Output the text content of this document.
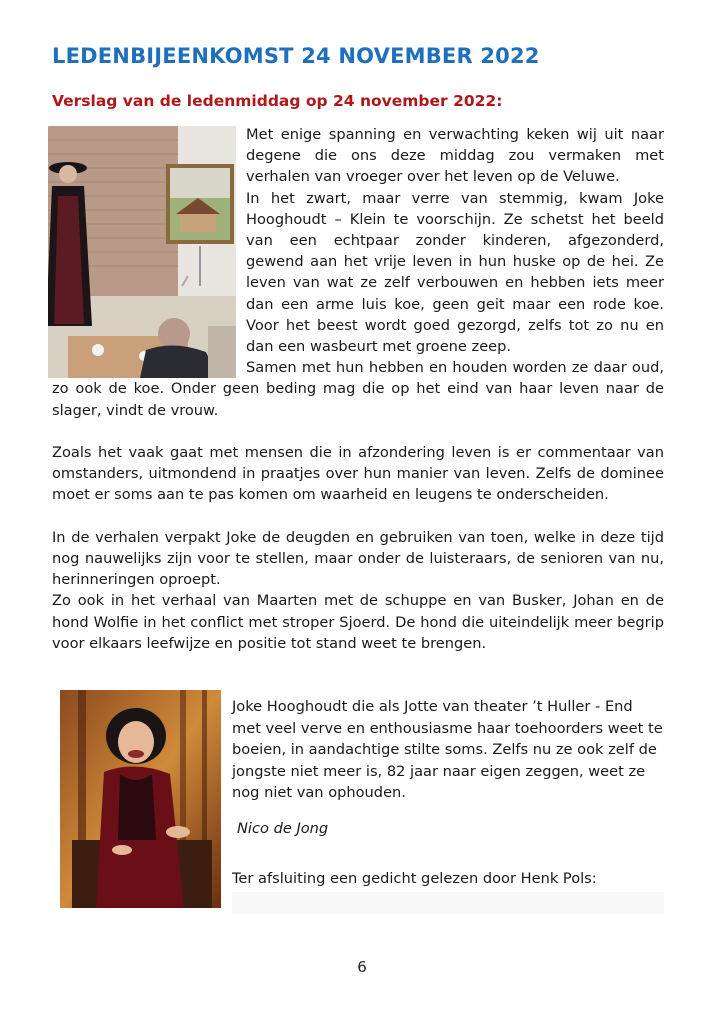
LEDENBIJEENKOMST 24 NOVEMBER 2022
Verslag van de ledenmiddag op 24 november 2022:

Met enige spanning en verwachting keken wij uit naar degene die ons deze middag zou vermaken met verhalen van vroeger over het leven op de Veluwe.

In het zwart, maar verre van stemmig, kwam Joke Hooghoudt – Klein te voorschijn. Ze schetst het beeld van een echtpaar zonder kinderen, afgezonderd, gewend aan het vrije leven in hun huske op de hei. Ze leven van wat ze zelf verbouwen en hebben iets meer dan een arme luis koe, geen geit maar een rode koe. Voor het beest wordt goed gezorgd, zelfs tot zo nu en dan een wasbeurt met groene zeep.

Samen met hun hebben en houden worden ze daar oud, zo ook de koe. Onder geen beding mag die op het eind van haar leven naar de slager, vindt de vrouw.

Zoals het vaak gaat met mensen die in afzondering leven is er commentaar van omstanders, uitmondend in praatjes over hun manier van leven. Zelfs de dominee moet er soms aan te pas komen om waarheid en leugens te onderscheiden.

In de verhalen verpakt Joke de deugden en gebruiken van toen, welke in deze tijd nog nauwelijks zijn voor te stellen, maar onder de luisteraars, de senioren van nu, herinneringen oproept.

Zo ook in het verhaal van Maarten met de schuppe en van Busker, Johan en de hond Wolfie in het conflict met stroper Sjoerd. De hond die uiteindelijk meer begrip voor elkaars leefwijze en positie tot stand weet te brengen.

Joke Hooghoudt die als Jotte van theater ’t Huller - End met veel verve en enthousiasme haar toehoorders weet te boeien, in aandachtige stilte soms. Zelfs nu ze ook zelf de jongste niet meer is, 82 jaar naar eigen zeggen, weet ze nog niet van ophouden.

Nico de Jong

Ter afsluiting een gedicht gelezen door Henk Pols:

6
